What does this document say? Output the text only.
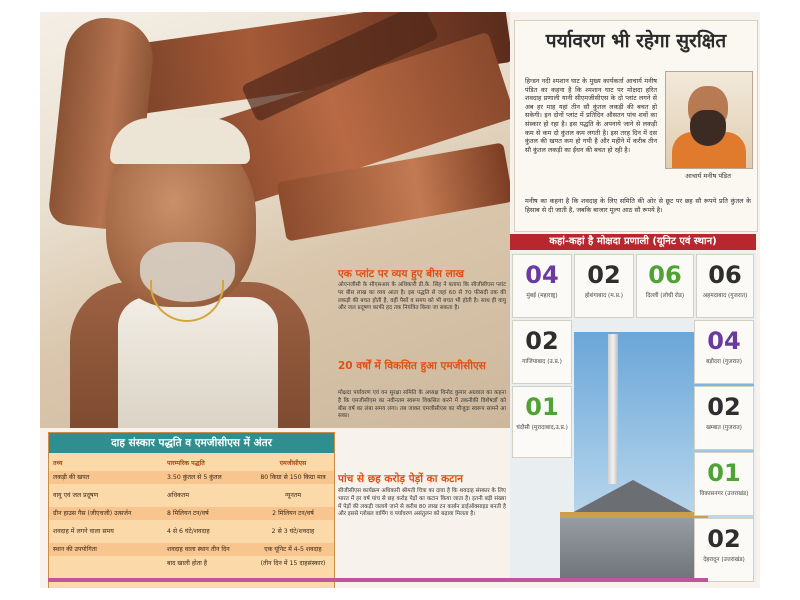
पर्यावरण भी रहेगा सुरक्षित
हिन्डन नदी श्मशान घाट के मुख्य कार्यकर्ता आचार्य मनीष पंडित का कहना है कि श्मशान घाट पर मोक्षदा हरित शवदाह प्रणाली यानी सीएमजीसीएस के दो प्लांट लगने से अब हर माह यहां तीन सौ कुंतल लकड़ी की बचत हो सकेगी। इन दोनों प्लांट में प्रतिदिन औसतन पांच शवों का संस्कार हो रहा है। इस पद्धति के अपनाये जाने से लकड़ी कम से कम दो कुंतल कम लगती है। इस तरह दिन में दस कुंतल की खपत कम हो गयी है और महीने में करीब तीन सौ कुंतल लकड़ी का ईंधन की बचत हो रही है।
आचार्य मनीष पंडित
मनीष का कहना है कि शवदाह के लिए समिति की ओर से छूट पर छह सौ रूपये प्रति कुंतल के हिसाब से दी जाती है, जबकि बाजार मूल्य आठ सौ रूपये है।
एक प्लांट पर व्यय हुए बीस लाख
ओएनजीसी के सीएसआर के अधिकारी डी.के. सिंह ने बताया कि सीजीसीएस प्लांट पर बीस लाख का व्यय आता है। इस पद्धति से जहां 60 से 70 फीसदी तक की लकड़ी की बचत होती है, वहीं पैसों व समय को भी बचत भी होती है। साथ ही वायु और जल प्रदूषण काफी हद तक नियंत्रित किया जा सकता है।
20 वर्षों में विकसित हुआ एमजीसीएस
मोक्षदा पर्यावरण एवं वन सुरक्षा समिति के अध्यक्ष विनोद कुमार अग्रवाल का कहना है कि एमजीसीएस का नवीनतम स्वरूप विकसित करने में तकनीकी विशेषज्ञों को बीस वर्ष का लंबा समय लगा। तब जाकर एमजीसीएस का मौजूदा स्वरूप सामने आ सका।
पांच से छह करोड़ पेड़ों का कटान
सीजीसीएस कार्यक्रम अधिकारी श्रीमती चित्रा का दावा है कि शवदाह संस्कार के लिए भारत में हर वर्ष पांच से छह करोड़ पेड़ों का कटान किया जाता है। इतनी बड़ी संख्या में पेड़ों की लकड़ी जलाये जाने से करीब 80 लाख टन कार्बन डाईऑक्साइड बनती है और इससे ग्लोबल वार्मिंग व पर्यावरण असंतुलन को बढ़ावा मिलता है।
कहां-कहां है मोक्षदा प्रणाली (यूनिट एवं स्थान)
04
मुंबई (महाराष्ट्र)
02
होशंगाबाद (म.प्र.)
06
दिल्ली (लोधी रोड)
06
अहमदाबाद (गुजरात)
02
गाजियाबाद (उ.प्र.)
04
बड़ौदरा (गुजरात)
01
चंदौसी (मुरादाबाद,उ.प्र.)
02
खम्बात (गुजरात)
01
विकासनगर (उत्तराखंड)
02
देहरादून (उत्तराखंड)
दाह संस्कार पद्धति व एमजीसीएस में अंतर
तथ्य	पारम्परिक पद्धति	एमजीसीएस
लकड़ी की खपत	3.50 कुंतल से 5 कुंतल	80 किग्रा से 150 किग्रा मात्र
वायु एवं जल प्रदूषण	अधिकतम	न्यूनतम
ग्रीन हाउस गैस (जीएचजी) उत्सर्जन	8 मिलियन टन/वर्ष	2 मिलियन टन/वर्ष
शवदाह में लगने वाला समय	4 से 6 घंटे/शवदाह	2 से 3 घंटे/शवदाह
स्थान की उपयोगिता	शवदाह वाला स्थान तीन दिन	एक यूनिट में 4-5 शवदाह
बाद खाली होता है	(तीन दिन में 15 दाहसंस्कार)
